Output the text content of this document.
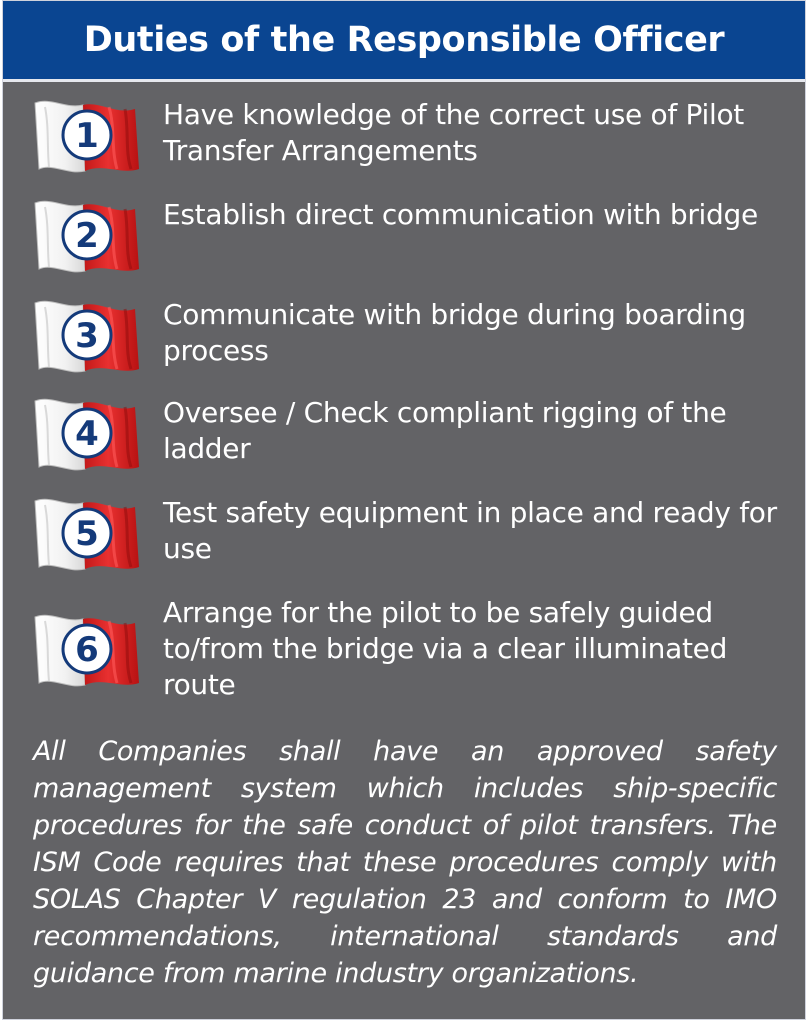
Duties of the Responsible Officer
1
Have knowledge of the correct use of Pilot Transfer Arrangements
2
Establish direct communication with bridge
3
Communicate with bridge during boarding process
4
Oversee / Check compliant rigging of the ladder
5
Test safety equipment in place and ready for use
6
Arrange for the pilot to be safely guided to/from the bridge via a clear illuminated route
All Companies shall have an approved safety management system which includes ship-specific procedures for the safe conduct of pilot transfers. The ISM Code requires that these procedures comply with SOLAS Chapter V regulation 23 and conform to IMO recommendations, international standards and guidance from marine industry organizations.
